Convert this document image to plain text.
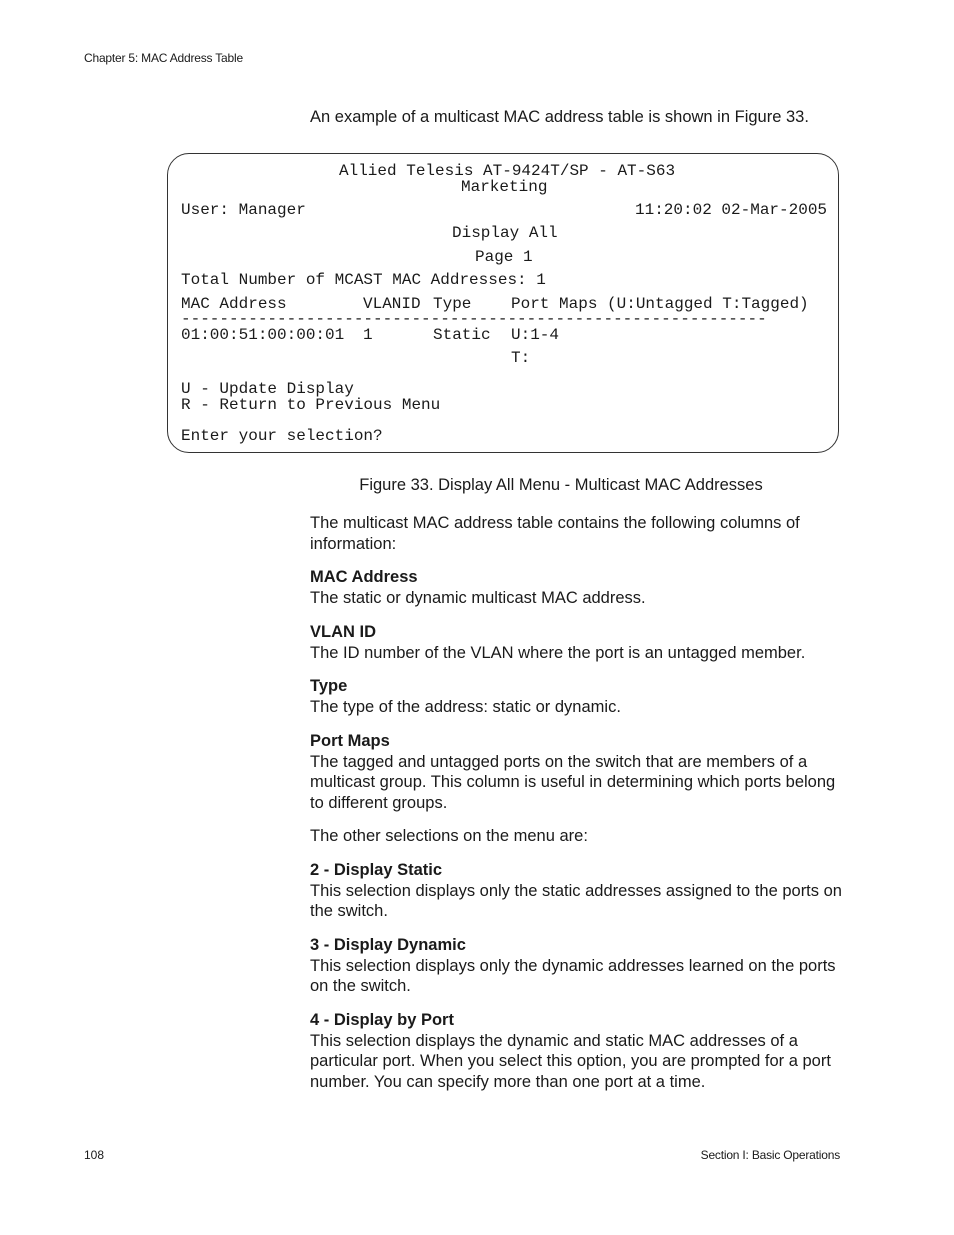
Chapter 5: MAC Address Table
An example of a multicast MAC address table is shown in Figure 33.
Allied Telesis AT-9424T/SP - AT-S63
Marketing
User: Manager	11:20:02 02-Mar-2005
Display All
Page 1
Total Number of MCAST MAC Addresses: 1
MAC Address	VLANID Type Port Maps (U:Untagged T:Tagged)
-------------------------------------------------------------
01:00:51:00:00:01 1	Static U:1-4
T:
U - Update Display
R - Return to Previous Menu
Enter your selection?
Figure 33. Display All Menu - Multicast MAC Addresses

The multicast MAC address table contains the following columns of information:

MAC Address

The static or dynamic multicast MAC address.

VLAN ID

The ID number of the VLAN where the port is an untagged member.

Type

The type of the address: static or dynamic.

Port Maps

The tagged and untagged ports on the switch that are members of a multicast group. This column is useful in determining which ports belong to different groups.

The other selections on the menu are:

2 - Display Static

This selection displays only the static addresses assigned to the ports on the switch.

3 - Display Dynamic

This selection displays only the dynamic addresses learned on the ports on the switch.

4 - Display by Port

This selection displays the dynamic and static MAC addresses of a particular port. When you select this option, you are prompted for a port number. You can specify more than one port at a time.

108	Section I: Basic Operations
